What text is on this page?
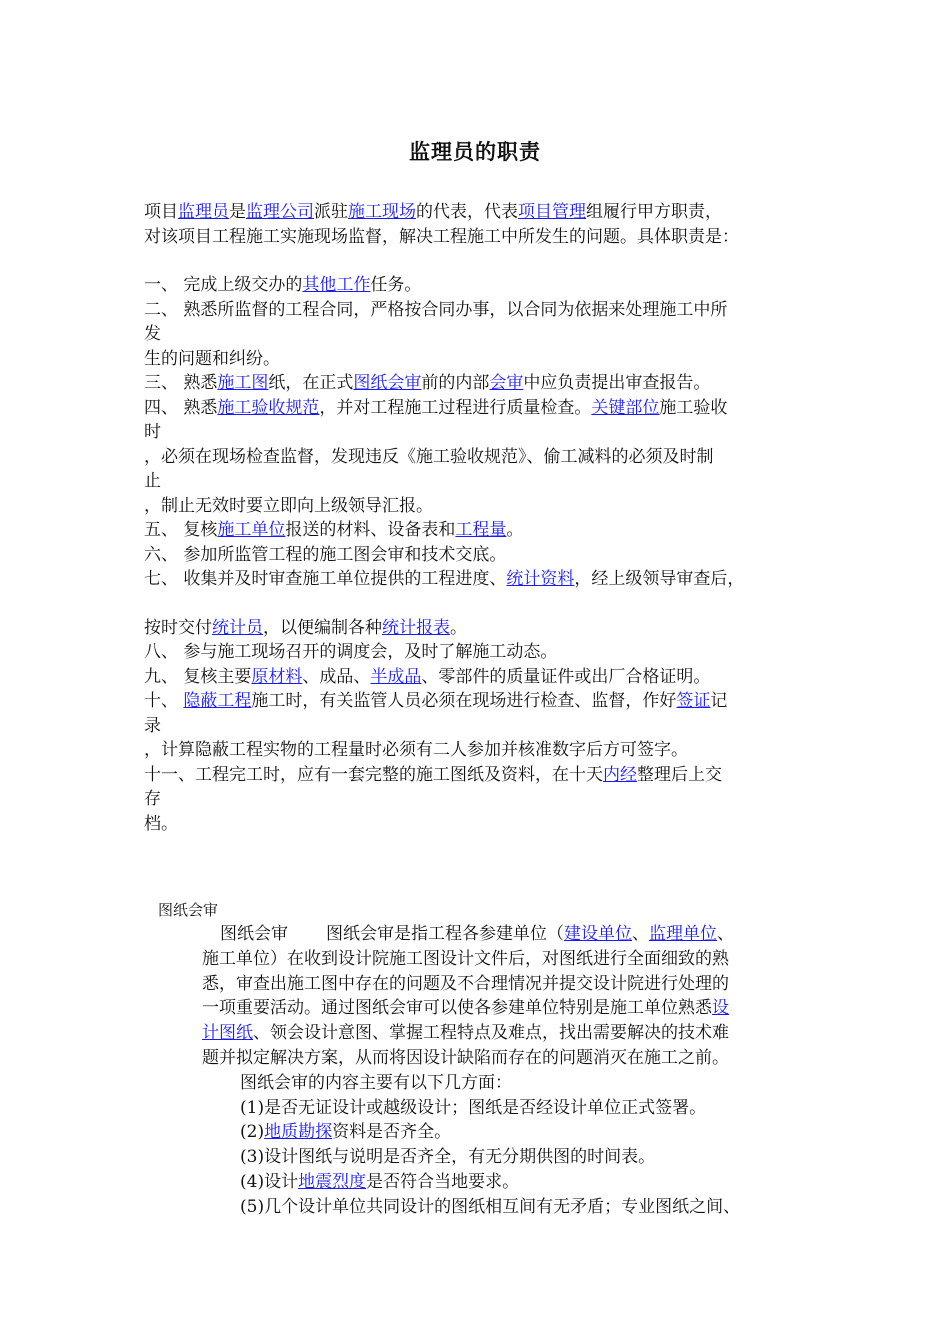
监理员的职责

项目监理员是监理公司派驻施工现场的代表，代表项目管理组履行甲方职责，

对该项目工程施工实施现场监督，解决工程施工中所发生的问题。具体职责是：

一、 完成上级交办的其他工作任务。

二、 熟悉所监督的工程合同，严格按合同办事，以合同为依据来处理施工中所

发

生的问题和纠纷。

三、 熟悉施工图纸，在正式图纸会审前的内部会审中应负责提出审查报告。

四、 熟悉施工验收规范，并对工程施工过程进行质量检查。关键部位施工验收

时

，必须在现场检查监督，发现违反《施工验收规范》、偷工减料的必须及时制

止

，制止无效时要立即向上级领导汇报。

五、 复核施工单位报送的材料、设备表和工程量。

六、 参加所监管工程的施工图会审和技术交底。

七、 收集并及时审查施工单位提供的工程进度、统计资料，经上级领导审查后，

按时交付统计员，以便编制各种统计报表。

八、 参与施工现场召开的调度会，及时了解施工动态。

九、 复核主要原材料、成品、半成品、零部件的质量证件或出厂合格证明。

十、 隐蔽工程施工时，有关监管人员必须在现场进行检查、监督，作好签证记

录

，计算隐蔽工程实物的工程量时必须有二人参加并核准数字后方可签字。

十一、工程完工时，应有一套完整的施工图纸及资料，在十天内经整理后上交

存

档。

图纸会审

图纸会审 图纸会审是指工程各参建单位（建设单位、监理单位、

施工单位）在收到设计院施工图设计文件后，对图纸进行全面细致的熟

悉，审查出施工图中存在的问题及不合理情况并提交设计院进行处理的

一项重要活动。通过图纸会审可以使各参建单位特别是施工单位熟悉设

计图纸、领会设计意图、掌握工程特点及难点，找出需要解决的技术难

题并拟定解决方案，从而将因设计缺陷而存在的问题消灭在施工之前。

图纸会审的内容主要有以下几方面：

(1)是否无证设计或越级设计；图纸是否经设计单位正式签署。

(2)地质勘探资料是否齐全。

(3)设计图纸与说明是否齐全，有无分期供图的时间表。

(4)设计地震烈度是否符合当地要求。

(5)几个设计单位共同设计的图纸相互间有无矛盾；专业图纸之间、
